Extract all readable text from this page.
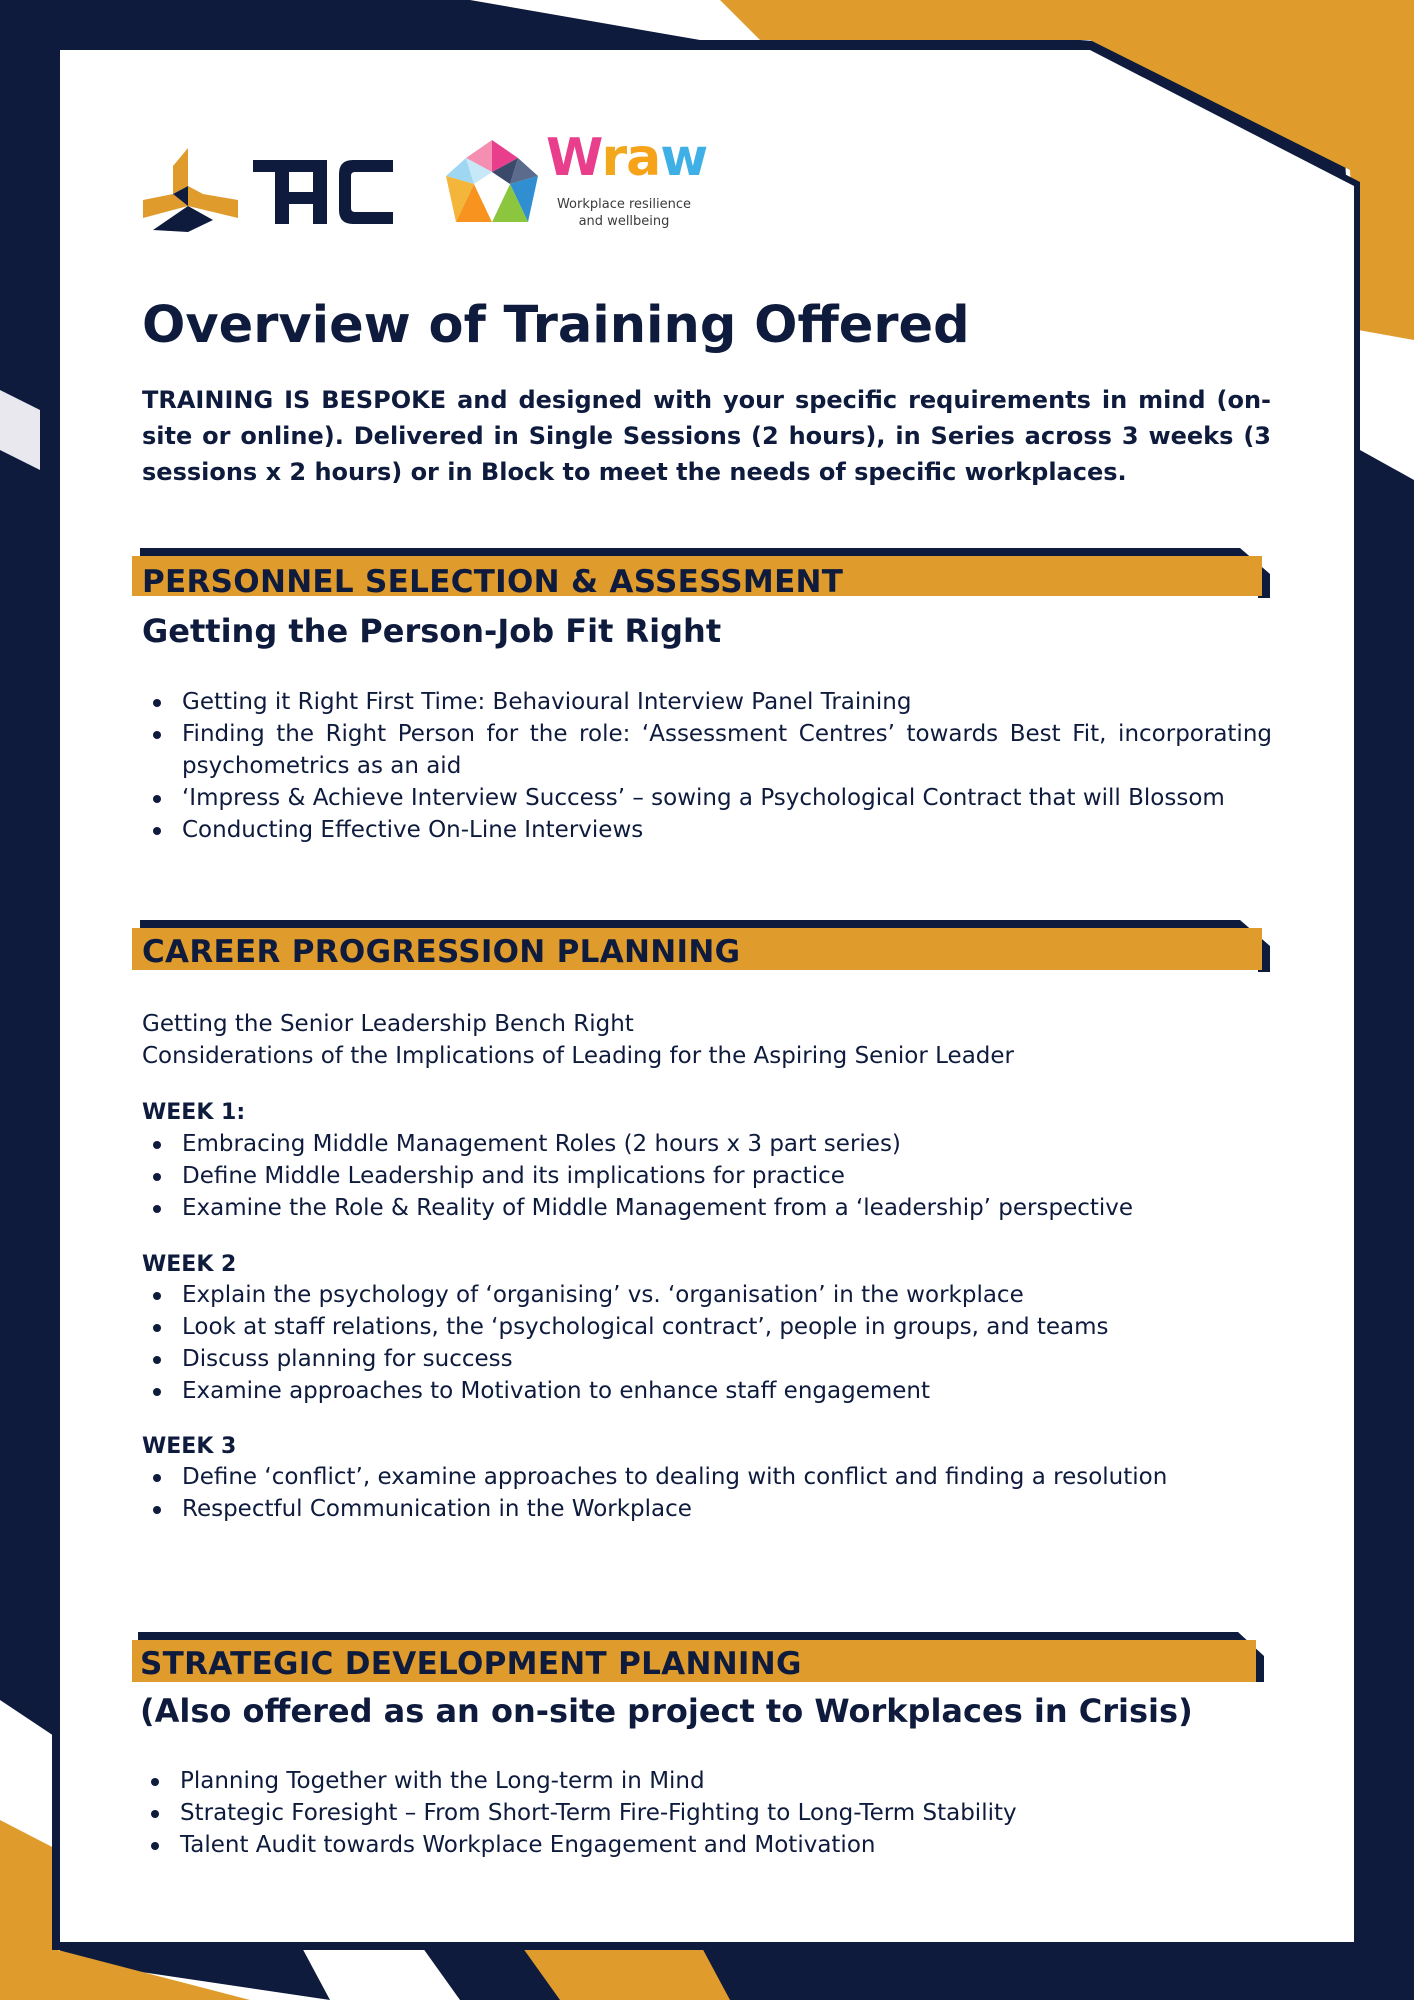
Wraw
Workplace resilience
and wellbeing
Overview of Training Offered

TRAINING IS BESPOKE and designed with your specific requirements in mind (on-site or online). Delivered in Single Sessions (2 hours), in Series across 3 weeks (3 sessions x 2 hours) or in Block to meet the needs of specific workplaces.

PERSONNEL SELECTION & ASSESSMENT
Getting the Person-Job Fit Right
Getting it Right First Time: Behavioural Interview Panel Training
Finding the Right Person for the role: ‘Assessment Centres’ towards Best Fit, incorporating psychometrics as an aid
‘Impress & Achieve Interview Success’ – sowing a Psychological Contract that will Blossom
Conducting Effective On-Line Interviews
CAREER PROGRESSION PLANNING
Getting the Senior Leadership Bench Right
Considerations of the Implications of Leading for the Aspiring Senior Leader
WEEK 1:
Embracing Middle Management Roles (2 hours x 3 part series)
Define Middle Leadership and its implications for practice
Examine the Role & Reality of Middle Management from a ‘leadership’ perspective
WEEK 2
Explain the psychology of ‘organising’ vs. ‘organisation’ in the workplace
Look at staff relations, the ‘psychological contract’, people in groups, and teams
Discuss planning for success
Examine approaches to Motivation to enhance staff engagement
WEEK 3
Define ‘conflict’, examine approaches to dealing with conflict and finding a resolution
Respectful Communication in the Workplace
STRATEGIC DEVELOPMENT PLANNING
(Also offered as an on-site project to Workplaces in Crisis)
Planning Together with the Long-term in Mind
Strategic Foresight – From Short-Term Fire-Fighting to Long-Term Stability
Talent Audit towards Workplace Engagement and Motivation
